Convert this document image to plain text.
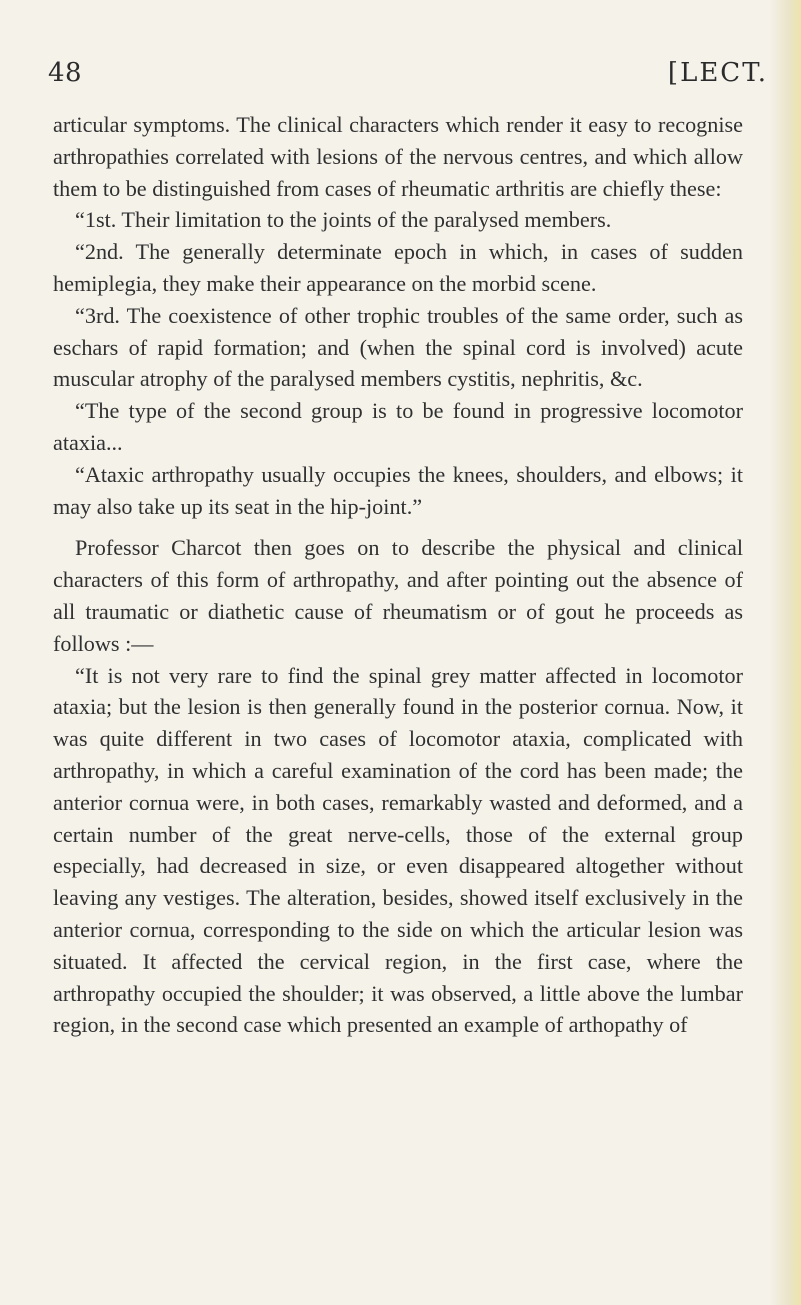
48	[LECT.

articular symptoms. The clinical characters which render it easy to recognise arthropathies correlated with lesions of the nervous centres, and which allow them to be distinguished from cases of rheumatic arthritis are chiefly these:

“1st. Their limitation to the joints of the paralysed members.

“2nd. The generally determinate epoch in which, in cases of sudden hemiplegia, they make their appearance on the morbid scene.

“3rd. The coexistence of other trophic troubles of the same order, such as eschars of rapid formation; and (when the spinal cord is involved) acute muscular atrophy of the paralysed members cystitis, nephritis, &c.

“The type of the second group is to be found in progressive locomotor ataxia...

“Ataxic arthropathy usually occupies the knees, shoulders, and elbows; it may also take up its seat in the hip-joint.”

Professor Charcot then goes on to describe the physical and clinical characters of this form of arthropathy, and after pointing out the absence of all traumatic or diathetic cause of rheumatism or of gout he proceeds as follows :—

“It is not very rare to find the spinal grey matter affected in locomotor ataxia; but the lesion is then generally found in the posterior cornua. Now, it was quite different in two cases of locomotor ataxia, complicated with arthropathy, in which a careful examination of the cord has been made; the anterior cornua were, in both cases, remarkably wasted and deformed, and a certain number of the great nerve-cells, those of the external group especially, had decreased in size, or even disappeared altogether without leaving any vestiges. The alteration, besides, showed itself exclusively in the anterior cornua, corresponding to the side on which the articular lesion was situated. It affected the cervical region, in the first case, where the arthropathy occupied the shoulder; it was observed, a little above the lumbar region, in the second case which presented an example of arthopathy of
